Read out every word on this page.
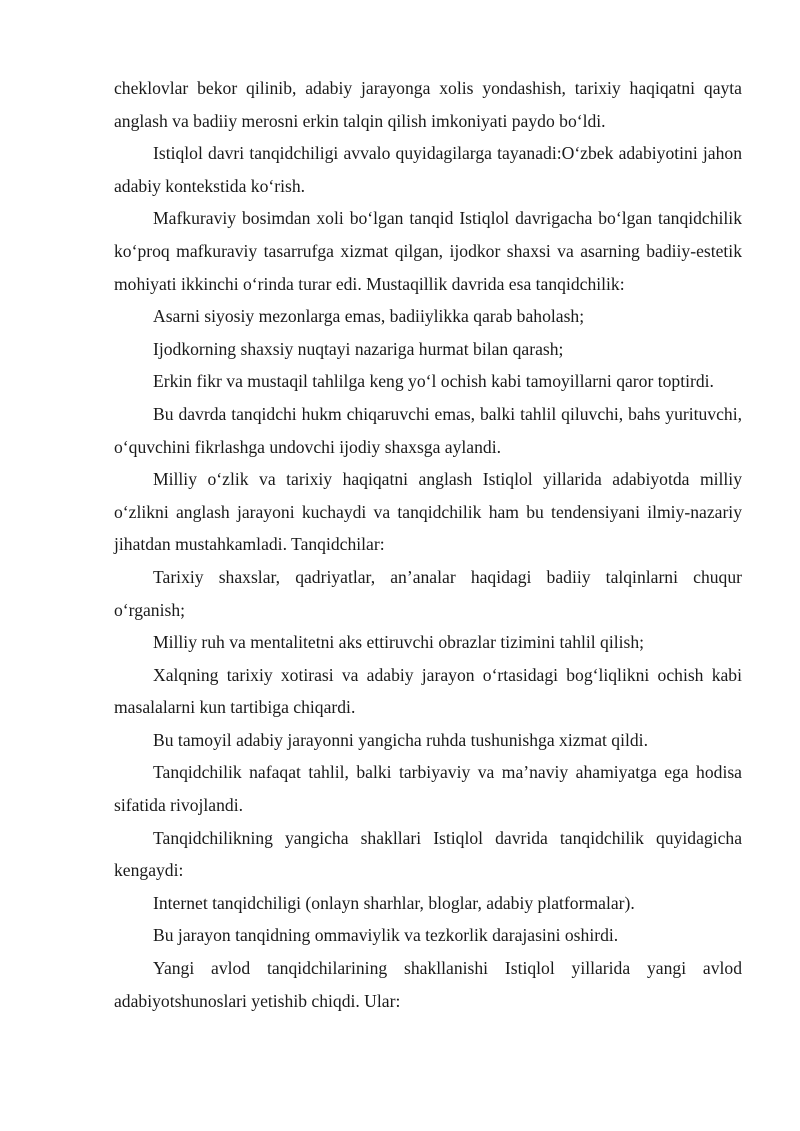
cheklovlar bekor qilinib, adabiy jarayonga xolis yondashish, tarixiy haqiqatni qayta anglash va badiiy merosni erkin talqin qilish imkoniyati paydo bo‘ldi.

Istiqlol davri tanqidchiligi avvalo quyidagilarga tayanadi:O‘zbek adabiyotini jahon adabiy kontekstida ko‘rish.

Mafkuraviy bosimdan xoli bo‘lgan tanqid Istiqlol davrigacha bo‘lgan tanqidchilik ko‘proq mafkuraviy tasarrufga xizmat qilgan, ijodkor shaxsi va asarning badiiy-estetik mohiyati ikkinchi o‘rinda turar edi. Mustaqillik davrida esa tanqidchilik:

Asarni siyosiy mezonlarga emas, badiiylikka qarab baholash;

Ijodkorning shaxsiy nuqtayi nazariga hurmat bilan qarash;

Erkin fikr va mustaqil tahlilga keng yo‘l ochish kabi tamoyillarni qaror toptirdi.

Bu davrda tanqidchi hukm chiqaruvchi emas, balki tahlil qiluvchi, bahs yurituvchi, o‘quvchini fikrlashga undovchi ijodiy shaxsga aylandi.

Milliy o‘zlik va tarixiy haqiqatni anglash Istiqlol yillarida adabiyotda milliy o‘zlikni anglash jarayoni kuchaydi va tanqidchilik ham bu tendensiyani ilmiy-nazariy jihatdan mustahkamladi. Tanqidchilar:

Tarixiy shaxslar, qadriyatlar, an’analar haqidagi badiiy talqinlarni chuqur o‘rganish;

Milliy ruh va mentalitetni aks ettiruvchi obrazlar tizimini tahlil qilish;

Xalqning tarixiy xotirasi va adabiy jarayon o‘rtasidagi bog‘liqlikni ochish kabi masalalarni kun tartibiga chiqardi.

Bu tamoyil adabiy jarayonni yangicha ruhda tushunishga xizmat qildi.

Tanqidchilik nafaqat tahlil, balki tarbiyaviy va ma’naviy ahamiyatga ega hodisa sifatida rivojlandi.

Tanqidchilikning yangicha shakllari Istiqlol davrida tanqidchilik quyidagicha kengaydi:

Internet tanqidchiligi (onlayn sharhlar, bloglar, adabiy platformalar).

Bu jarayon tanqidning ommaviylik va tezkorlik darajasini oshirdi.

Yangi avlod tanqidchilarining shakllanishi Istiqlol yillarida yangi avlod adabiyotshunoslari yetishib chiqdi. Ular:
